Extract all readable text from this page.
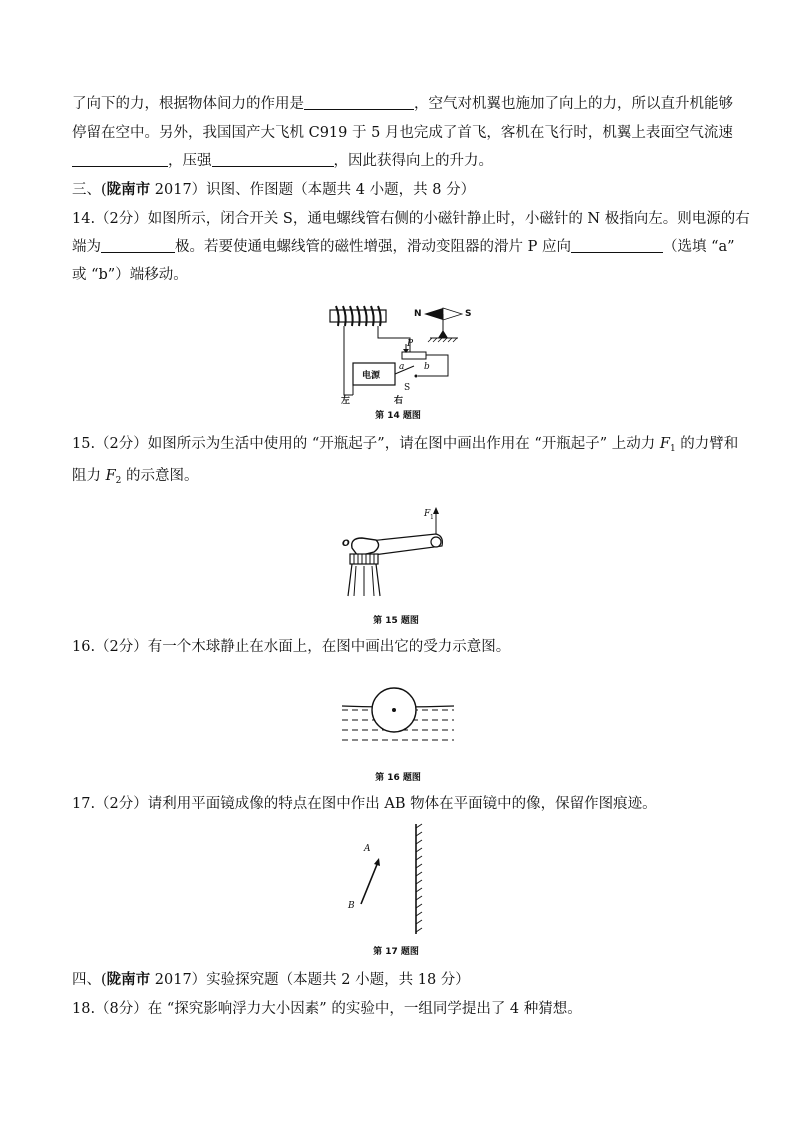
了向下的力，根据物体间力的作用是	，空气对机翼也施加了向上的力，所以直升机能够
停留在空中。另外，我国国产大飞机 C919 于 5 月也完成了首飞，客机在飞行时，机翼上表面空气流速
，压强	，因此获得向上的升力。
三、(陇南市 2017）识图、作图题（本题共 4 小题，共 8 分）
14.（2分）如图所示，闭合开关 S，通电螺线管右侧的小磁针静止时，小磁针的 N 极指向左。则电源的右
端为	极。若要使通电螺线管的磁性增强，滑动变阻器的滑片 P 应向	（选填 “a”
或 “b”）端移动。
电源
P
a b
S
左	右
N	S
第 14 题图
15.（2分）如图所示为生活中使用的 “开瓶起子”，请在图中画出作用在 “开瓶起子” 上动力 $F_1$ 的力臂和
阻力 $F_2$ 的示意图。
F 1
O
第 15 题图
16.（2分）有一个木球静止在水面上，在图中画出它的受力示意图。
第 16 题图
17.（2分）请利用平面镜成像的特点在图中作出 AB 物体在平面镜中的像，保留作图痕迹。
A
B
第 17 题图
四、(陇南市 2017）实验探究题（本题共 2 小题，共 18 分）
18.（8分）在 “探究影响浮力大小因素” 的实验中，一组同学提出了 4 种猜想。
